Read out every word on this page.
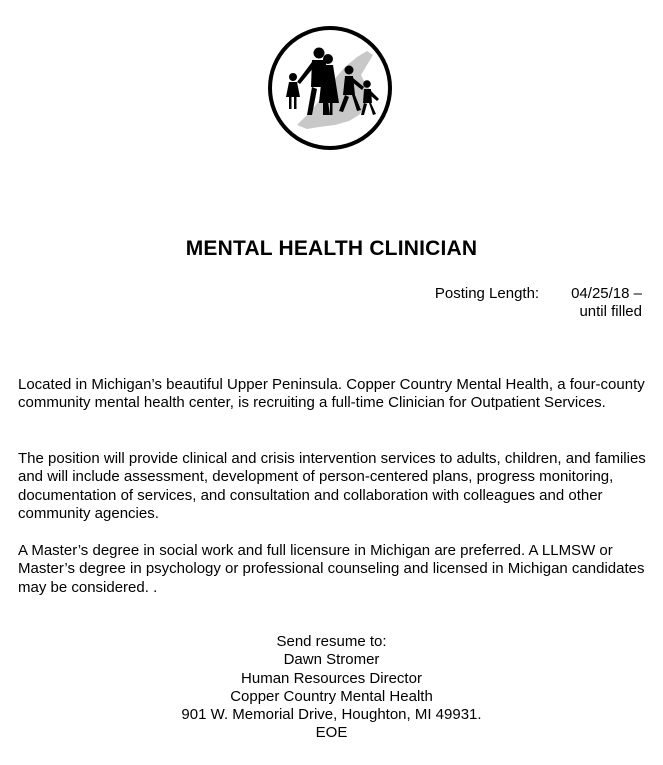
MENTAL HEALTH CLINICIAN
Posting Length: 04/25/18 –
until filled

Located in Michigan’s beautiful Upper Peninsula. Copper Country Mental Health, a four-county community mental health center, is recruiting a full-time Clinician for Outpatient Services.

The position will provide clinical and crisis intervention services to adults, children, and families and will include assessment, development of person-centered plans, progress monitoring, documentation of services, and consultation and collaboration with colleagues and other community agencies.

A Master’s degree in social work and full licensure in Michigan are preferred. A LLMSW or Master’s degree in psychology or professional counseling and licensed in Michigan candidates may be considered. .

Send resume to:
Dawn Stromer
Human Resources Director
Copper Country Mental Health
901 W. Memorial Drive, Houghton, MI 49931.
EOE
